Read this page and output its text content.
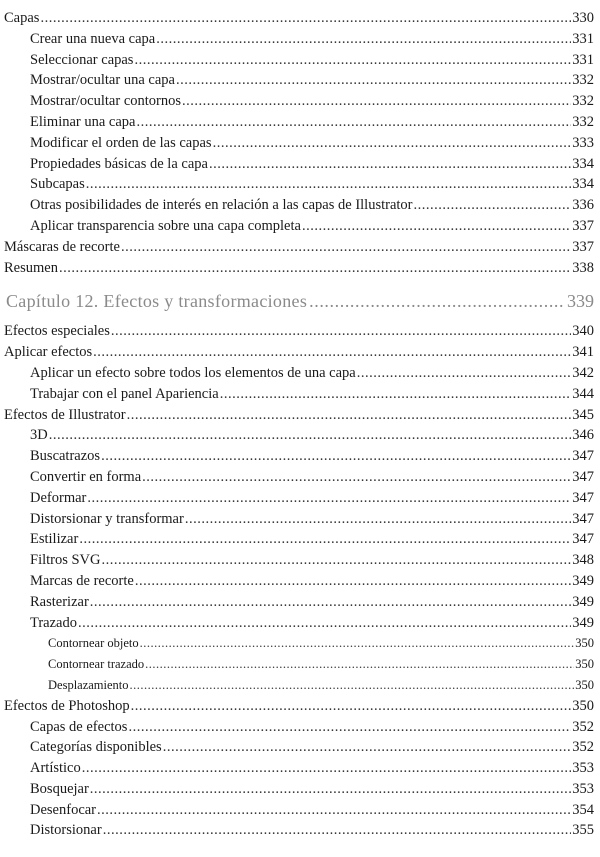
Capas .....	330
Crear una nueva capa .....	331
Seleccionar capas .....	331
Mostrar/ocultar una capa .....	332
Mostrar/ocultar contornos .....	332
Eliminar una capa .....	332
Modificar el orden de las capas .....	333
Propiedades básicas de la capa .....	334
Subcapas .....	334
Otras posibilidades de interés en relación a las capas de Illustrator .....	336
Aplicar transparencia sobre una capa completa .....	337
Máscaras de recorte .....	337
Resumen .....	338
Capítulo 12. Efectos y transformaciones .....	339
Efectos especiales .....	340
Aplicar efectos .....	341
Aplicar un efecto sobre todos los elementos de una capa .....	342
Trabajar con el panel Apariencia .....	344
Efectos de Illustrator .....	345
3D .....	346
Buscatrazos .....	347
Convertir en forma .....	347
Deformar .....	347
Distorsionar y transformar .....	347
Estilizar .....	347
Filtros SVG .....	348
Marcas de recorte .....	349
Rasterizar .....	349
Trazado .....	349
Contornear objeto .....	350
Contornear trazado .....	350
Desplazamiento .....	350
Efectos de Photoshop .....	350
Capas de efectos .....	352
Categorías disponibles .....	352
Artístico .....	353
Bosquejar .....	353
Desenfocar .....	354
Distorsionar .....	355
